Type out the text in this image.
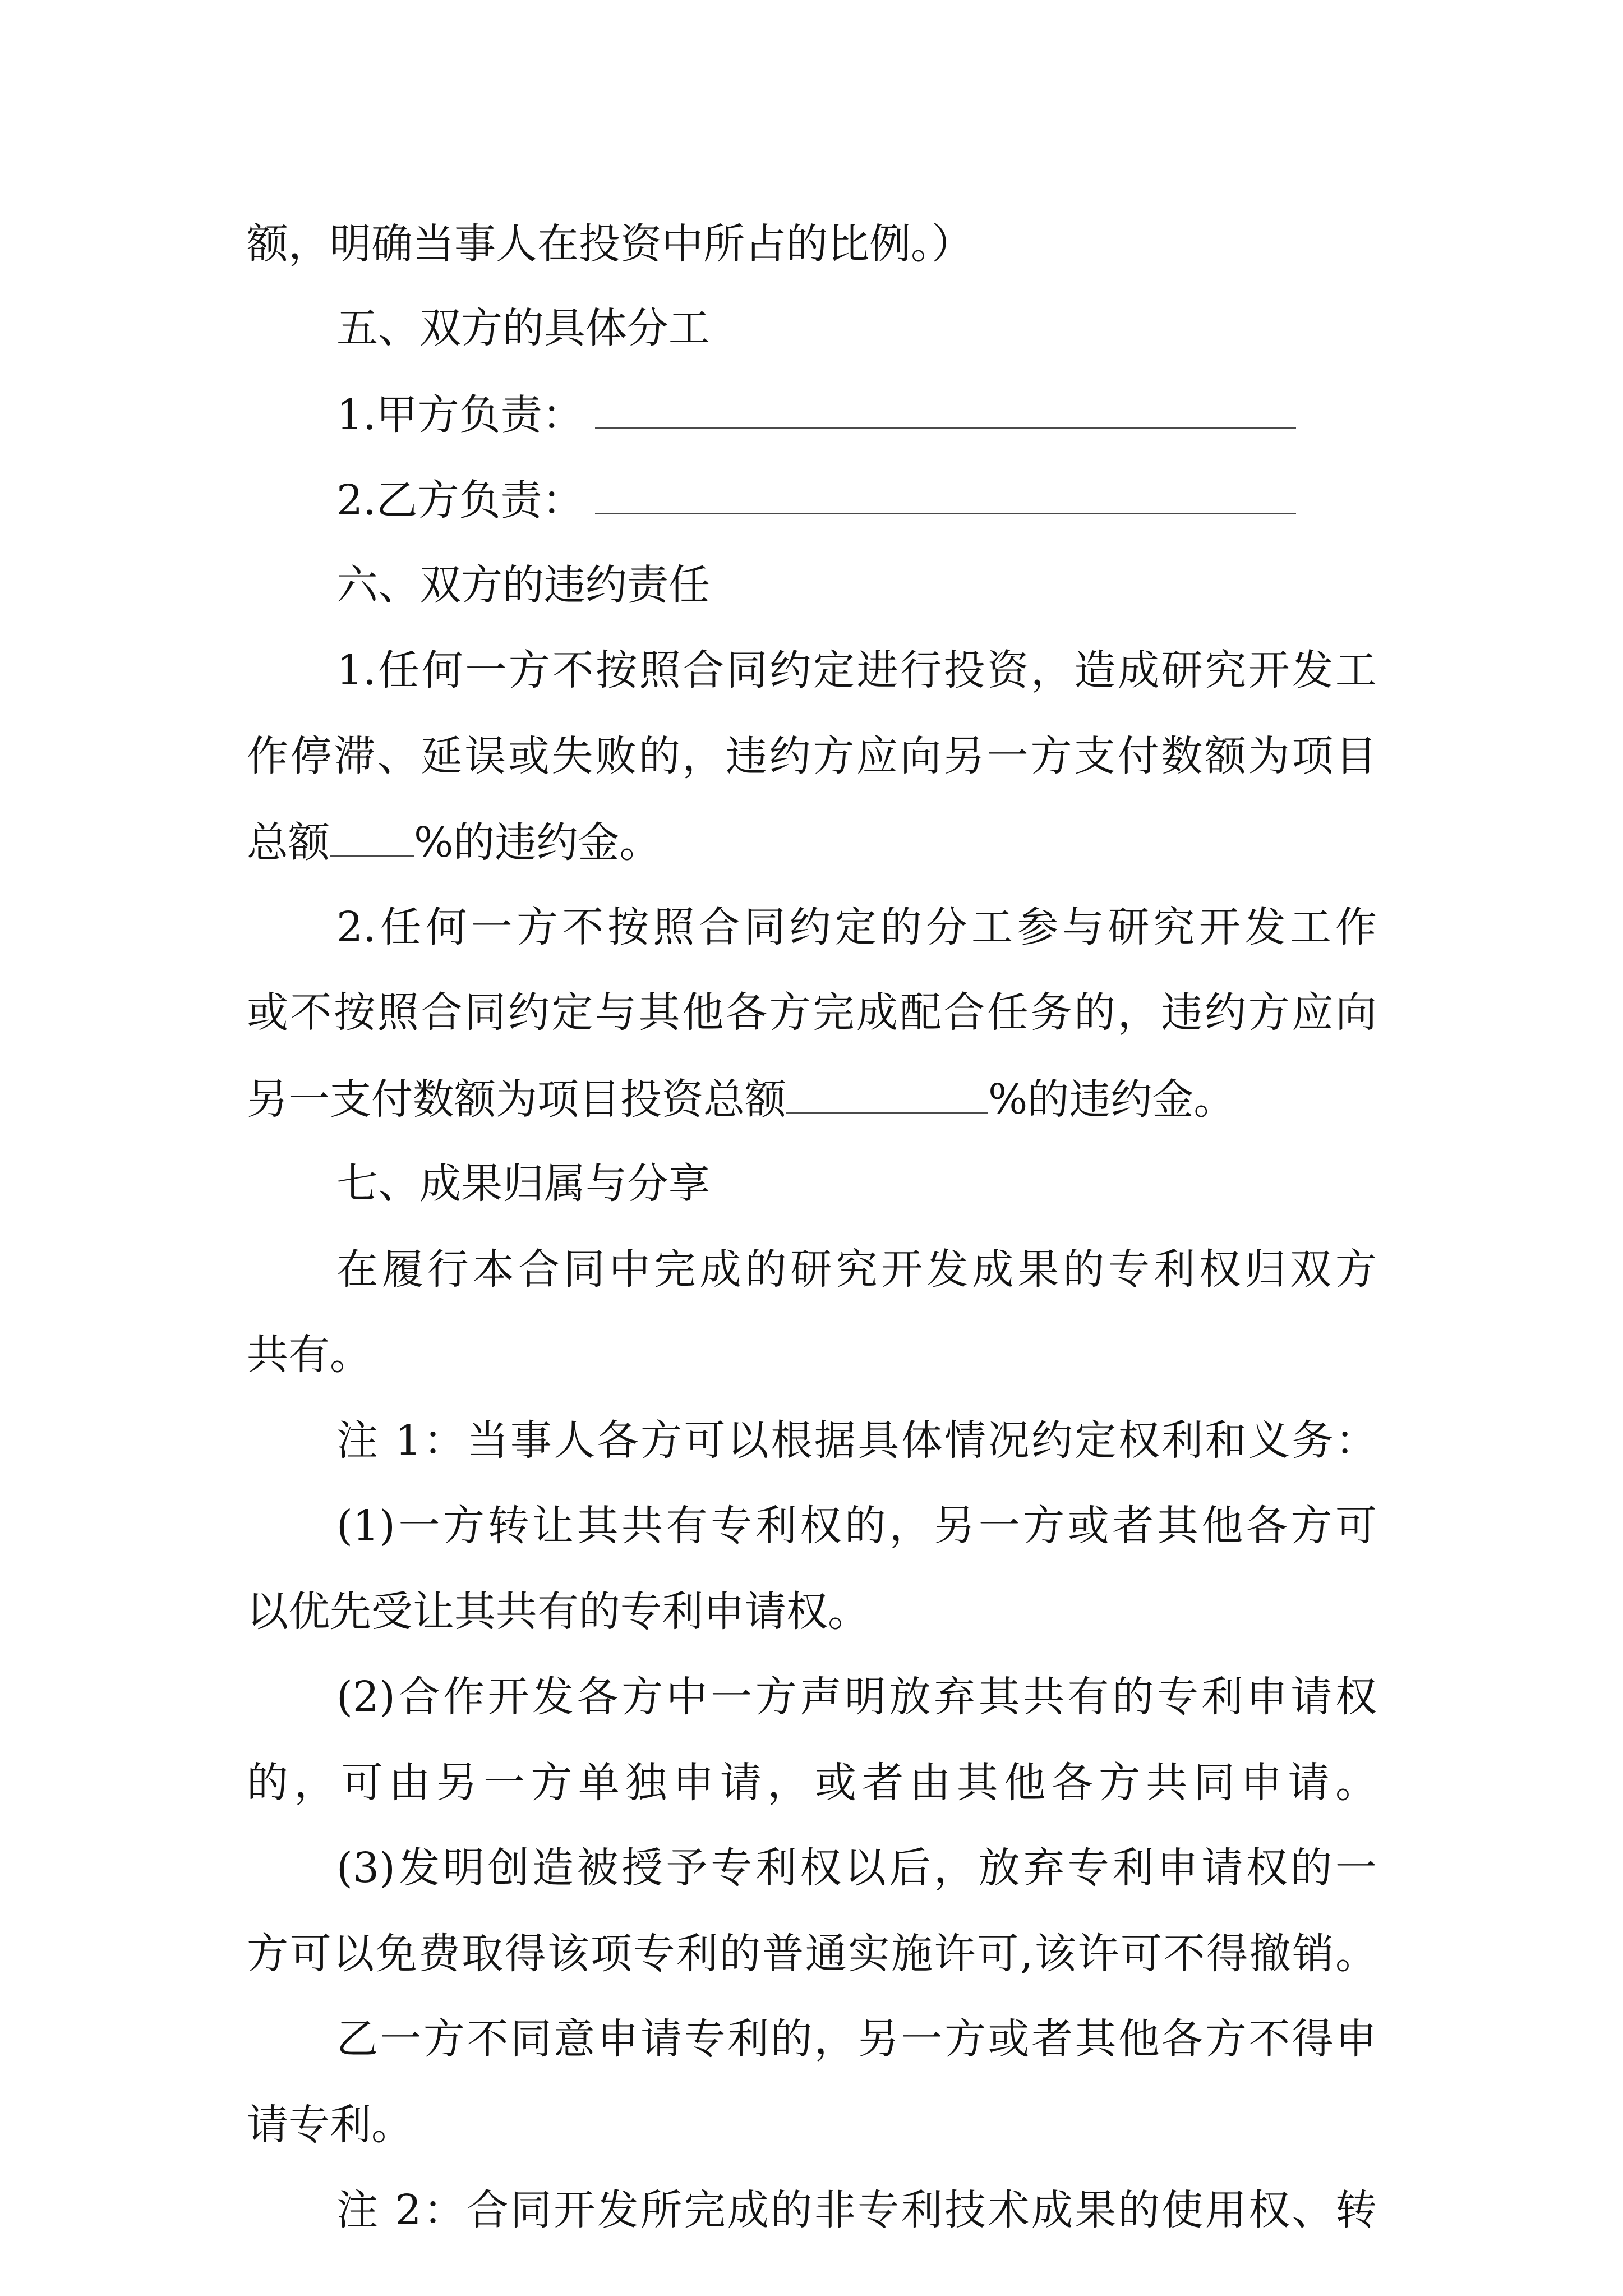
额，明确当事人在投资中所占的比例。）
五、双方的具体分工
1.甲方负责：
2.乙方负责：
六、双方的违约责任
1.任何一方不按照合同约定进行投资，造成研究开发工
作停滞、延误或失败的，违约方应向另一方支付数额为项目
总额 %的违约金。
2.任何一方不按照合同约定的分工参与研究开发工作
或不按照合同约定与其他各方完成配合任务的，违约方应向
另一支付数额为项目投资总额	%的违约金。
七、成果归属与分享
在履行本合同中完成的研究开发成果的专利权归双方
共有。
注 1：当事人各方可以根据具体情况约定权利和义务：
(1)一方转让其共有专利权的，另一方或者其他各方可
以优先受让其共有的专利申请权。
(2)合作开发各方中一方声明放弃其共有的专利申请权
的，可由另一方单独申请，或者由其他各方共同申请。
(3)发明创造被授予专利权以后，放弃专利申请权的一
方可以免费取得该项专利的普通实施许可,该许可不得撤销。
乙一方不同意申请专利的，另一方或者其他各方不得申
请专利。
注 2：合同开发所完成的非专利技术成果的使用权、转
